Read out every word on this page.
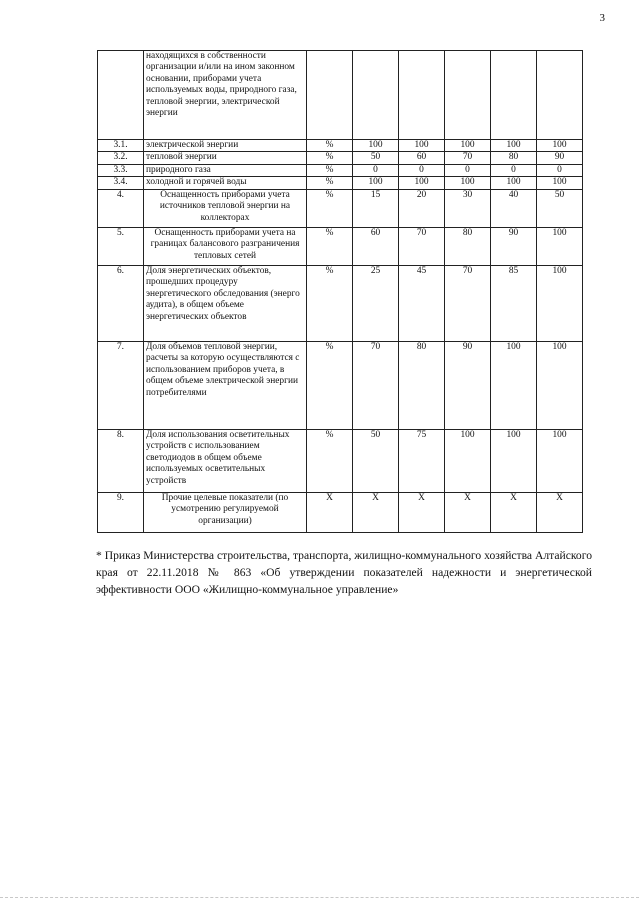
3
	находящихся в собственности организации и/или на ином законном основании, приборами учета используемых воды, природного газа, тепловой энергии, электрической энергии						
3.1.	электрической энергии	%	100	100	100	100	100
3.2.	тепловой энергии	%	50	60	70	80	90
3.3.	природного газа	%	0	0	0	0	0
3.4.	холодной и горячей воды	%	100	100	100	100	100
4.	Оснащенность приборами учета источников тепловой энергии на коллекторах	%	15	20	30	40	50
5.	Оснащенность приборами учета на границах балансового разграничения тепловых сетей	%	60	70	80	90	100
6.	Доля энергетических объектов, прошедших процедуру энергетического обследования (энерго аудита), в общем объеме энергетических объектов	%	25	45	70	85	100
7.	Доля объемов тепловой энергии, расчеты за которую осуществляются с использованием приборов учета, в общем объеме электрической энергии потребителями	%	70	80	90	100	100
8.	Доля использования осветительных устройств с использованием светодиодов в общем объеме используемых осветительных устройств	%	50	75	100	100	100
9.	Прочие целевые показатели (по усмотрению регулируемой организации)	X	X	X	X	X	X
* Приказ Министерства строительства, транспорта, жилищно-коммунального хозяйства Алтайского края от 22.11.2018 № 863 «Об утверждении показателей надежности и энергетической эффективности ООО «Жилищно-коммунальное управление»
